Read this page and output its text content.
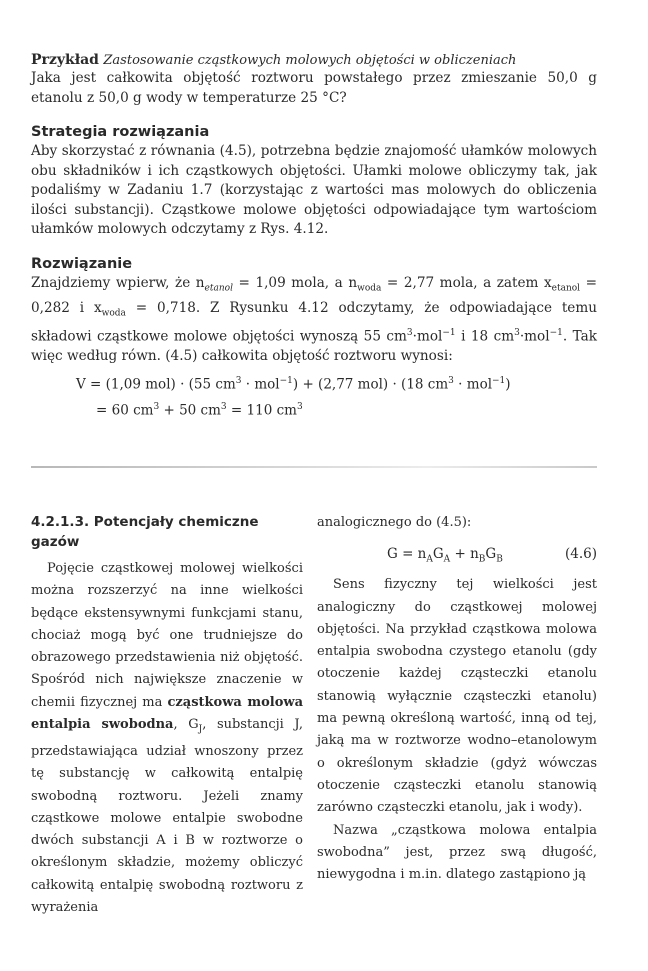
Przykład Zastosowanie cząstkowych molowych objętości w obliczeniach

Jaka jest całkowita objętość roztworu powstałego przez zmieszanie 50,0 g etanolu z 50,0 g wody w temperaturze 25 °C?

Strategia rozwiązania

Aby skorzystać z równania (4.5), potrzebna będzie znajomość ułamków molowych obu składników i ich cząstkowych objętości. Ułamki molowe obliczymy tak, jak podaliśmy w Zadaniu 1.7 (korzystając z wartości mas molowych do obliczenia ilości substancji). Cząstkowe molowe objętości odpowiadające tym wartościom ułamków molowych odczytamy z Rys. 4.12.

Rozwiązanie

Znajdziemy wpierw, że $n_{etanol} = 1,09$ mola, a $n_{woda} = 2,77$ mola, a zatem $x_{etanol} = 0,282$ i $x_{woda} = 0,718$. Z Rysunku 4.12 odczytamy, że odpowiadające temu składowi cząstkowe molowe objętości wynoszą 55 $cm^3\cdot mol^{-1}$ i 18 $cm^3\cdot mol^{-1}$. Tak więc według równ. (4.5) całkowita objętość roztworu wynosi:

V = (1,09 mol) · (55 $cm^3 \cdot mol^{-1}) + (2,77$ mol) · (18 $cm^3 \cdot mol^{-1}$)
= 60 $cm^3 + 50$ $cm^3 = 110$ $cm^3$
4.2.1.3. Potencjały chemiczne gazów

Pojęcie cząstkowej molowej wielkości można rozszerzyć na inne wielkości będące ekstensywnymi funkcjami stanu, chociaż mogą być one trudniejsze do obrazowego przedstawienia niż objętość. Spośród nich największe znaczenie w chemii fizycznej ma cząstkowa molowa entalpia swobodna, $G_J$, substancji J, przedstawiająca udział wnoszony przez tę substancję w całkowitą entalpię swobodną roztworu. Jeżeli znamy cząstkowe molowe entalpie swobodne dwóch substancji A i B w roztworze o określonym składzie, możemy obliczyć całkowitą entalpię swobodną roztworu z wyrażenia

analogicznego do (4.5):

$G = n_AG_A + n_BG_B$	(4.6)

Sens fizyczny tej wielkości jest analogiczny do cząstkowej molowej objętości. Na przykład cząstkowa molowa entalpia swobodna czystego etanolu (gdy otoczenie każdej cząsteczki etanolu stanowią wyłącznie cząsteczki etanolu) ma pewną określoną wartość, inną od tej, jaką ma w roztworze wodno–etanolowym o określonym składzie (gdyż wówczas otoczenie cząsteczki etanolu stanowią zarówno cząsteczki etanolu, jak i wody).

Nazwa „cząstkowa molowa entalpia swobodna” jest, przez swą długość, niewygodna i m.in. dlatego zastąpiono ją
